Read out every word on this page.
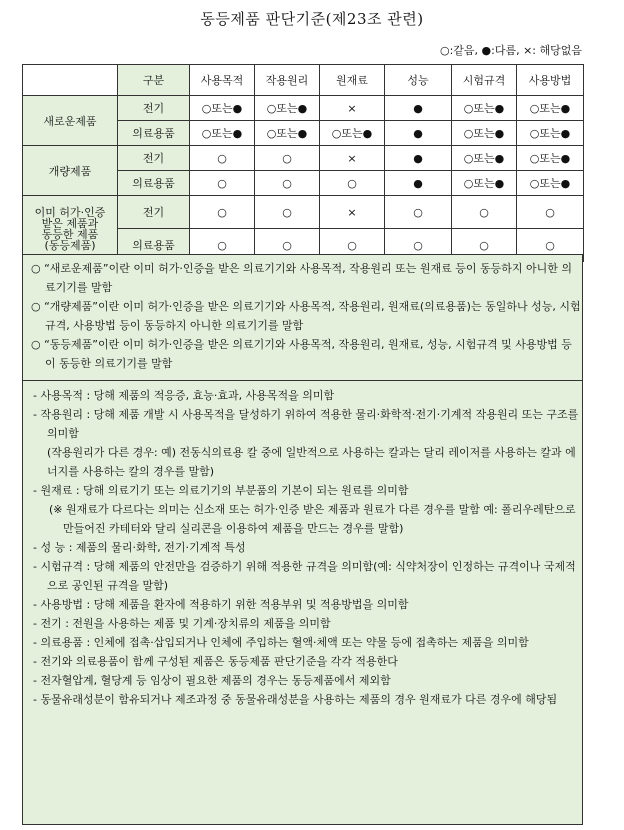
동등제품 판단기준(제23조 관련)
○:같음, ●:다름, ×: 해당없음
	구분	사용목적	작용원리	원재료	성능	시험규격	사용방법
새로운제품	전기	○또는●	○또는●	×	●	○또는●	○또는●
	의료용품	○또는●	○또는●	○또는●	●	○또는●	○또는●
개량제품	전기	○	○	×	●	○또는●	○또는●
	의료용품	○	○	○	●	○또는●	○또는●

이미 허가·인증
받은 제품과
동등한 제품
(동등제품)	전기	○	○	×	○	○	○
	의료용품	○	○	○	○	○	○

○ “새로운제품”이란 이미 허가·인증을 받은 의료기기와 사용목적, 작용원리 또는 원재료 등이 동등하지 아니한 의료기기를 말함

○ “개량제품”이란 이미 허가·인증을 받은 의료기기와 사용목적, 작용원리, 원재료(의료용품)는 동일하나 성능, 시험규격, 사용방법 등이 동등하지 아니한 의료기기를 말함

○ “동등제품”이란 이미 허가·인증을 받은 의료기기와 사용목적, 작용원리, 원재료, 성능, 시험규격 및 사용방법 등이 동등한 의료기기를 말함

- 사용목적 : 당해 제품의 적응증, 효능·효과, 사용목적을 의미함

- 작용원리 : 당해 제품 개발 시 사용목적을 달성하기 위하여 적용한 물리·화학적·전기·기계적 작용원리 또는 구조를 의미함

(작용원리가 다른 경우: 예) 전동식의료용 칼 중에 일반적으로 사용하는 칼과는 달리 레이저를 사용하는 칼과 에너지를 사용하는 칼의 경우를 말함)

- 원재료 : 당해 의료기기 또는 의료기기의 부분품의 기본이 되는 원료를 의미함

(※ 원재료가 다르다는 의미는 신소재 또는 허가·인증 받은 제품과 원료가 다른 경우를 말함 예: 폴리우레탄으로 만들어진 카테터와 달리 실리콘을 이용하여 제품을 만드는 경우를 말함)

- 성 능 : 제품의 물리·화학, 전기·기계적 특성

- 시험규격 : 당해 제품의 안전만을 검증하기 위해 적용한 규격을 의미함(예: 식약처장이 인정하는 규격이나 국제적으로 공인된 규격을 말함)

- 사용방법 : 당해 제품을 환자에 적용하기 위한 적용부위 및 적용방법을 의미함

- 전기 : 전원을 사용하는 제품 및 기계·장치류의 제품을 의미함

- 의료용품 : 인체에 접촉·삽입되거나 인체에 주입하는 혈액·체액 또는 약물 등에 접촉하는 제품을 의미함

- 전기와 의료용품이 함께 구성된 제품은 동등제품 판단기준을 각각 적용한다

- 전자혈압계, 혈당계 등 임상이 필요한 제품의 경우는 동등제품에서 제외함

- 동물유래성분이 함유되거나 제조과정 중 동물유래성분을 사용하는 제품의 경우 원재료가 다른 경우에 해당됨
